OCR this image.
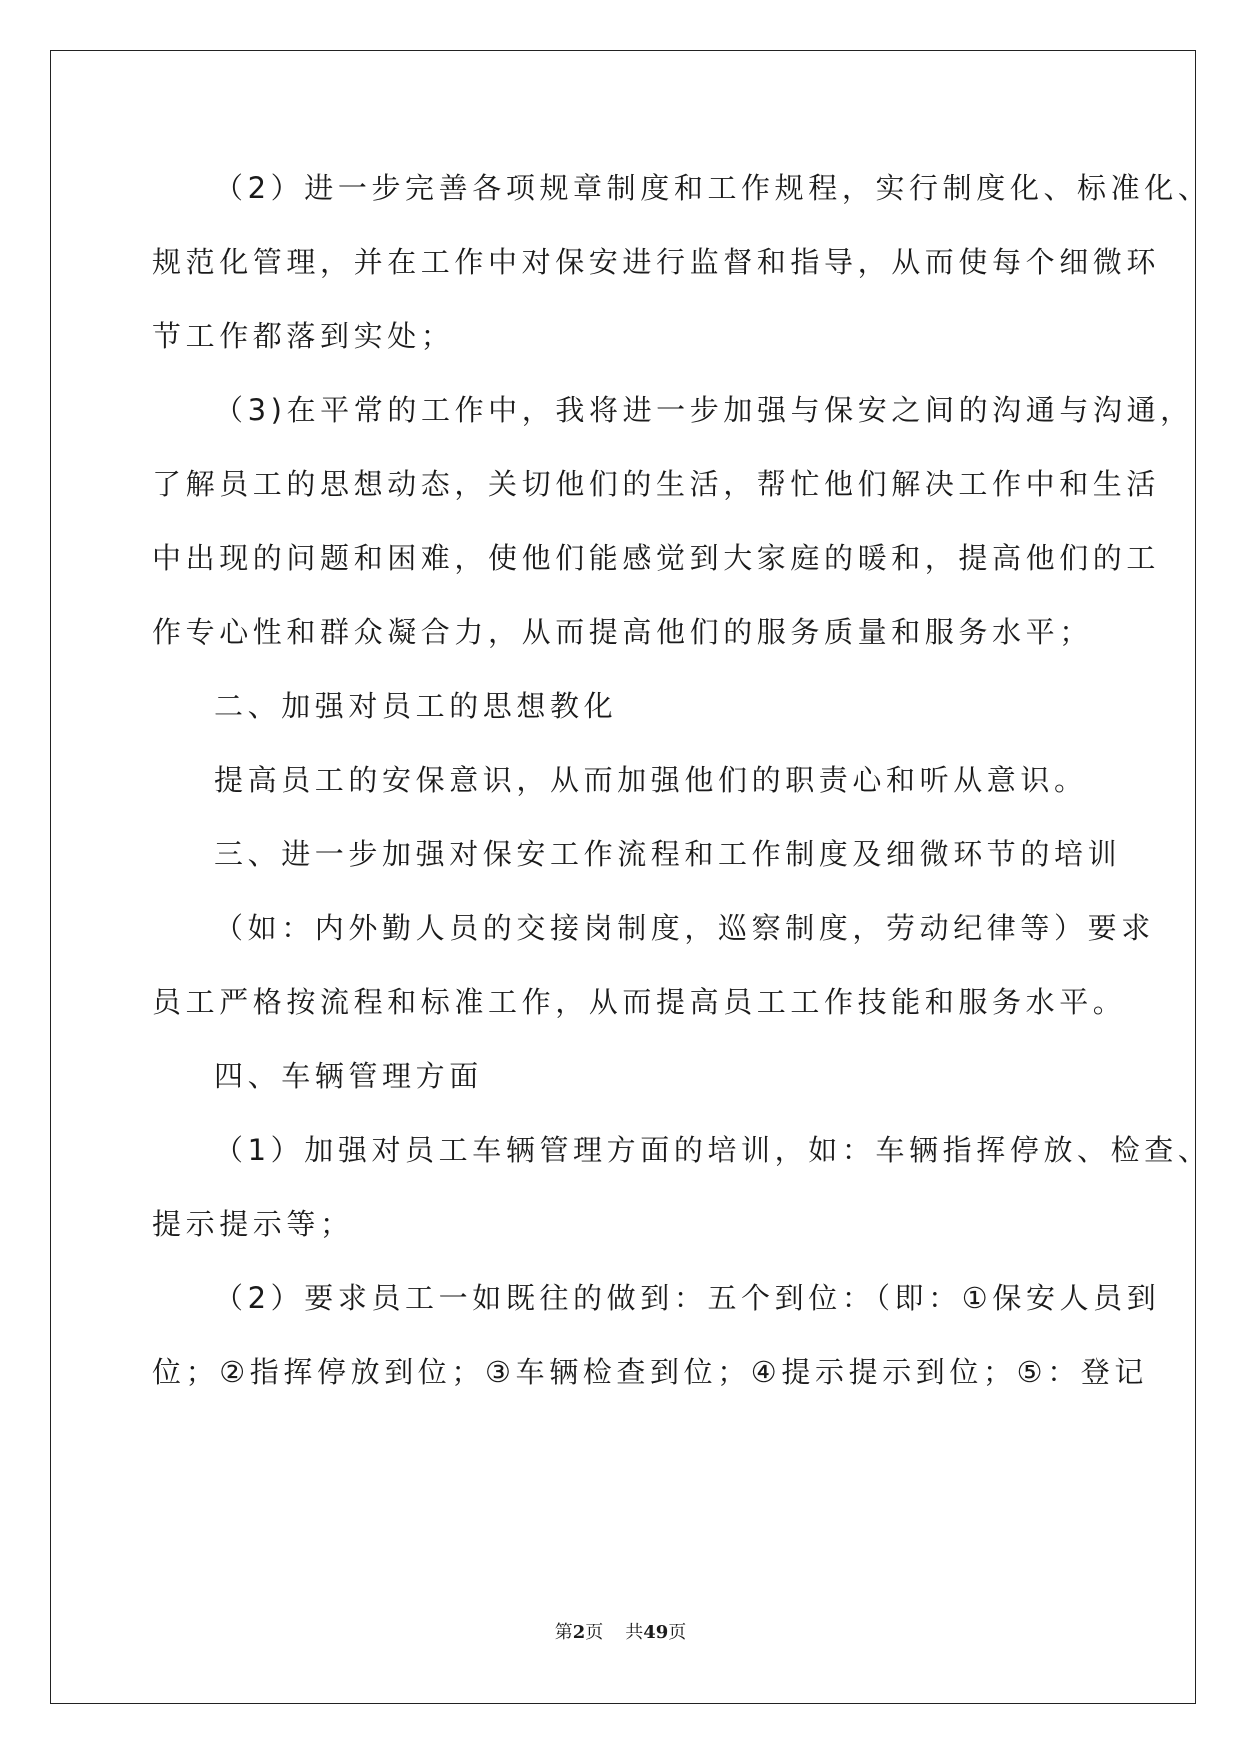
（2）进一步完善各项规章制度和工作规程，实行制度化、标准化、
规范化管理，并在工作中对保安进行监督和指导，从而使每个细微环
节工作都落到实处；
（3)在平常的工作中，我将进一步加强与保安之间的沟通与沟通，
了解员工的思想动态，关切他们的生活，帮忙他们解决工作中和生活
中出现的问题和困难，使他们能感觉到大家庭的暖和，提高他们的工
作专心性和群众凝合力，从而提高他们的服务质量和服务水平；
二、加强对员工的思想教化
提高员工的安保意识，从而加强他们的职责心和听从意识。
三、进一步加强对保安工作流程和工作制度及细微环节的培训
（如：内外勤人员的交接岗制度，巡察制度，劳动纪律等）要求
员工严格按流程和标准工作，从而提高员工工作技能和服务水平。
四、车辆管理方面
（1）加强对员工车辆管理方面的培训，如：车辆指挥停放、检查、
提示提示等；
（2）要求员工一如既往的做到：五个到位：（即：①保安人员到
位；②指挥停放到位；③车辆检查到位；④提示提示到位；⑤：登记
第2页 共49页
